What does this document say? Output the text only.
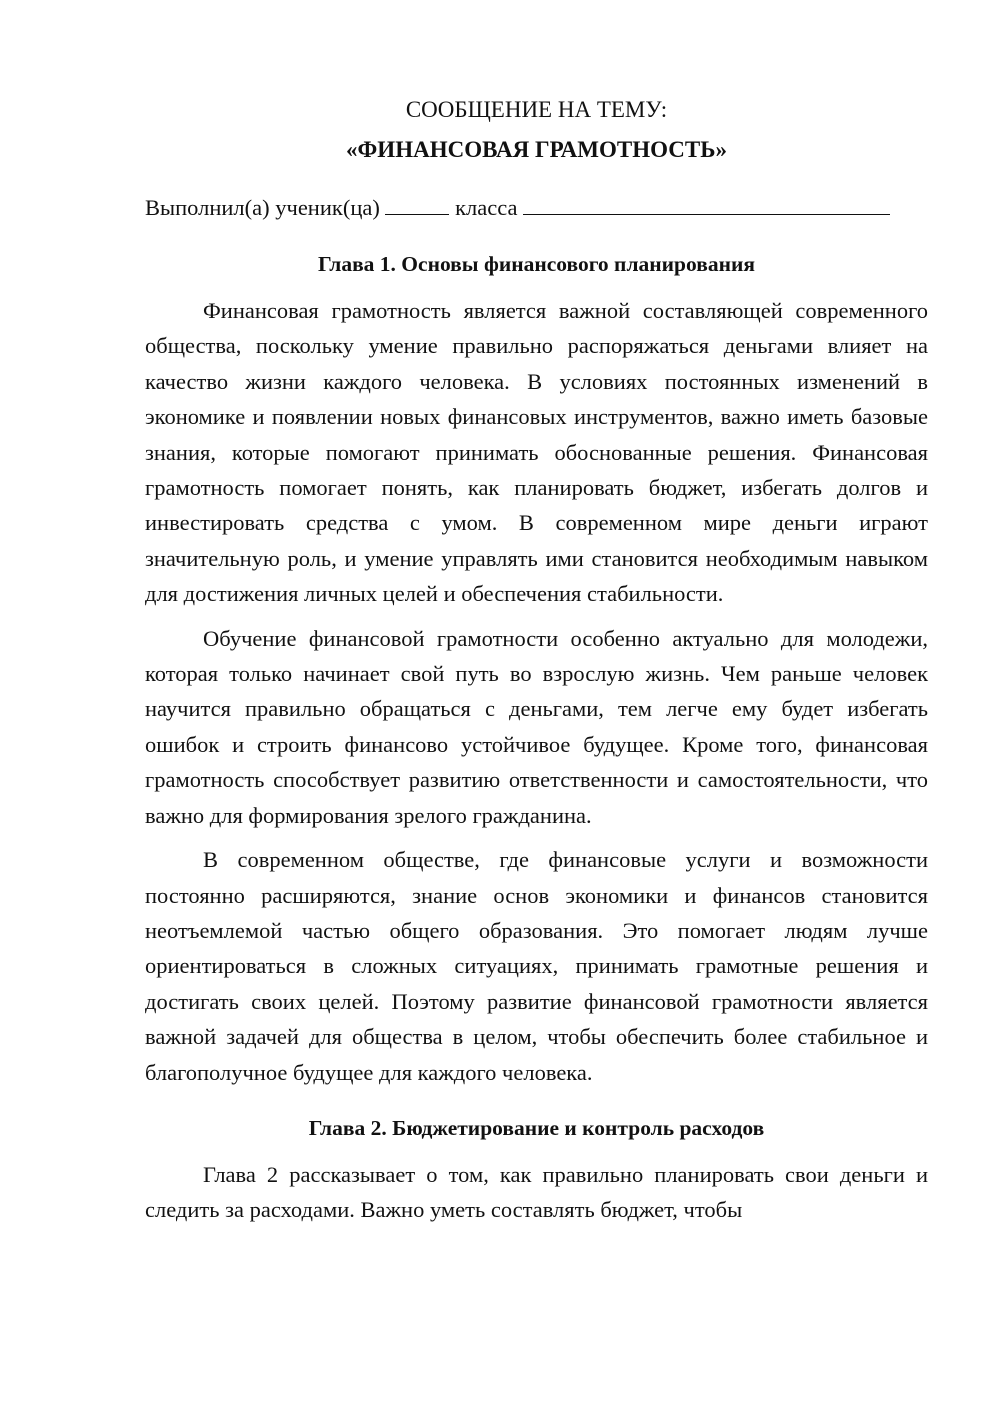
СООБЩЕНИЕ НА ТЕМУ:
«ФИНАНСОВАЯ ГРАМОТНОСТЬ»

Выполнил(а) ученик(ца)	класса

Глава 1. Основы финансового планирования

Финансовая грамотность является важной составляющей современного общества, поскольку умение правильно распоряжаться деньгами влияет на качество жизни каждого человека. В условиях постоянных изменений в экономике и появлении новых финансовых инструментов, важно иметь базовые знания, которые помогают принимать обоснованные решения. Финансовая грамотность помогает понять, как планировать бюджет, избегать долгов и инвестировать средства с умом. В современном мире деньги играют значительную роль, и умение управлять ими становится необходимым навыком для достижения личных целей и обеспечения стабильности.

Обучение финансовой грамотности особенно актуально для молодежи, которая только начинает свой путь во взрослую жизнь. Чем раньше человек научится правильно обращаться с деньгами, тем легче ему будет избегать ошибок и строить финансово устойчивое будущее. Кроме того, финансовая грамотность способствует развитию ответственности и самостоятельности, что важно для формирования зрелого гражданина.

В современном обществе, где финансовые услуги и возможности постоянно расширяются, знание основ экономики и финансов становится неотъемлемой частью общего образования. Это помогает людям лучше ориентироваться в сложных ситуациях, принимать грамотные решения и достигать своих целей. Поэтому развитие финансовой грамотности является важной задачей для общества в целом, чтобы обеспечить более стабильное и благополучное будущее для каждого человека.

Глава 2. Бюджетирование и контроль расходов

Глава 2 рассказывает о том, как правильно планировать свои деньги и следить за расходами. Важно уметь составлять бюджет, чтобы
